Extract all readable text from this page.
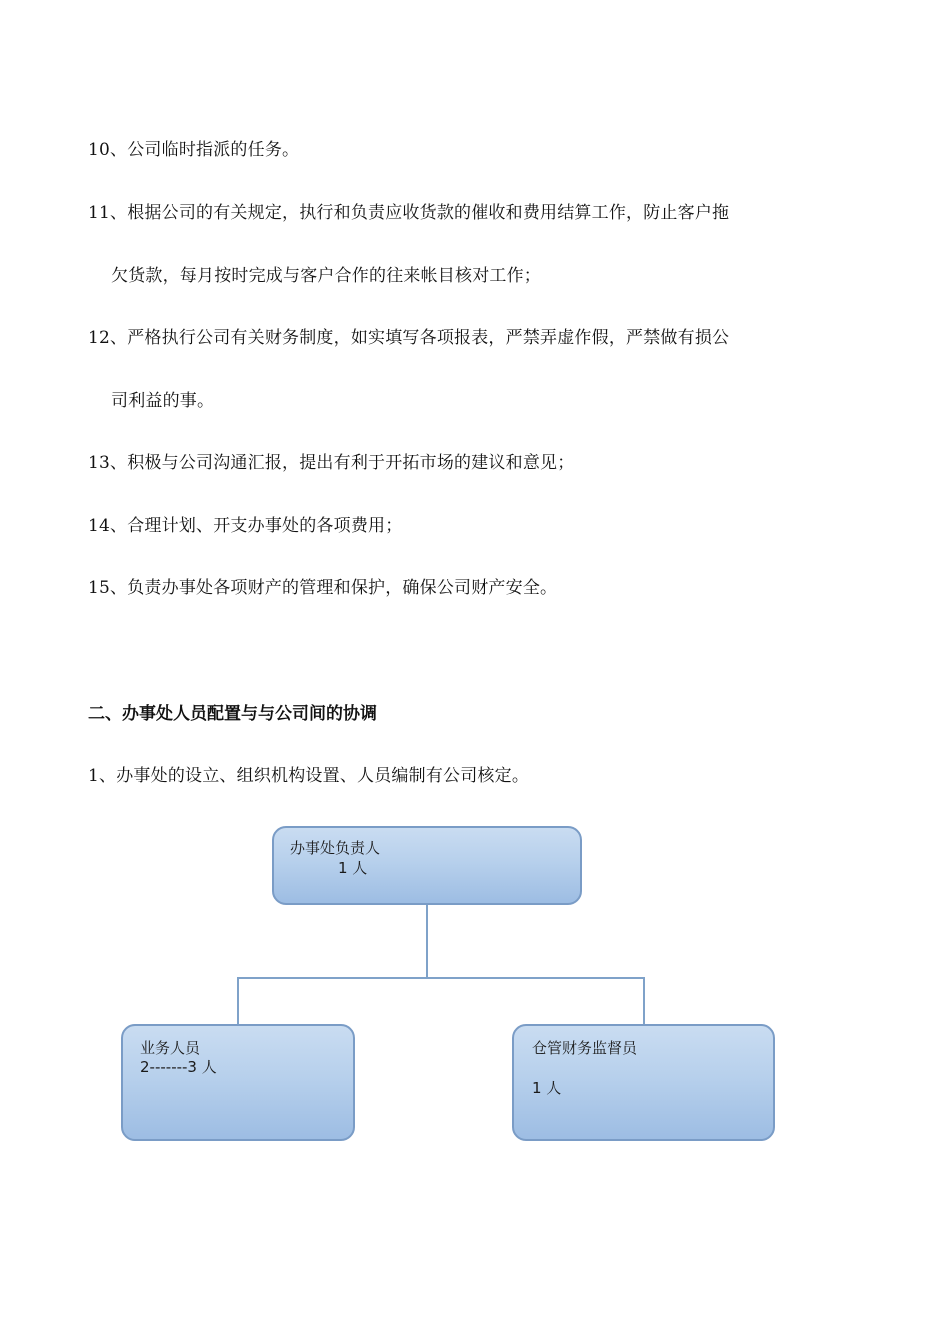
10、公司临时指派的任务。
11、根据公司的有关规定，执行和负责应收货款的催收和费用结算工作，防止客户拖
欠货款，每月按时完成与客户合作的往来帐目核对工作；
12、严格执行公司有关财务制度，如实填写各项报表，严禁弄虚作假，严禁做有损公
司利益的事。
13、积极与公司沟通汇报，提出有利于开拓市场的建议和意见；
14、合理计划、开支办事处的各项费用；
15、负责办事处各项财产的管理和保护，确保公司财产安全。
二、办事处人员配置与与公司间的协调
1、办事处的设立、组织机构设置、人员编制有公司核定。
办事处负责人
1 人
业务人员
2-------3 人
仓管财务监督员
1 人
